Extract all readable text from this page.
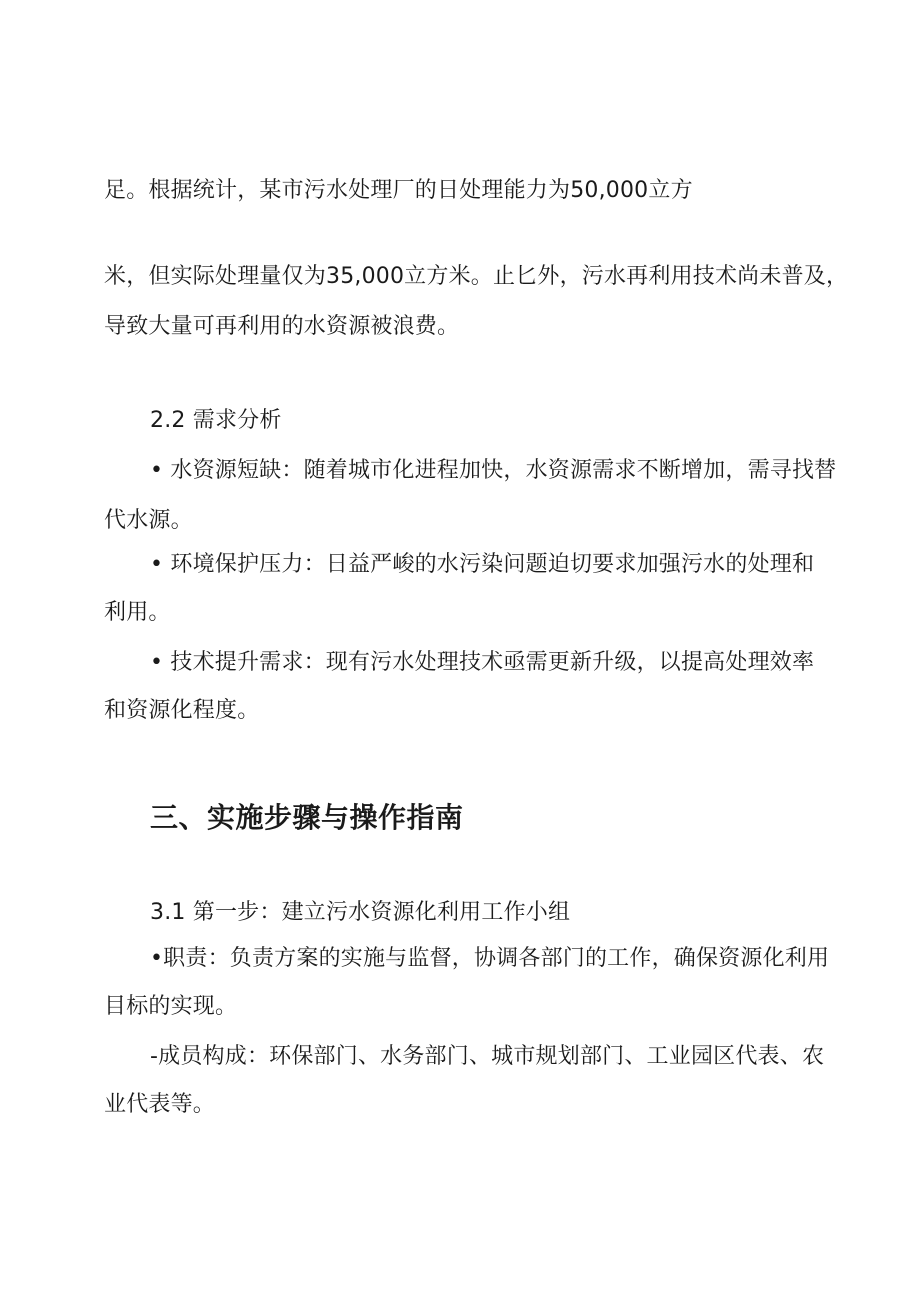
足。根据统计，某市污水处理厂的日处理能力为50,000立方
米，但实际处理量仅为35,000立方米。止匕外，污水再利用技术尚未普及，
导致大量可再利用的水资源被浪费。
2.2 需求分析
• 水资源短缺：随着城市化进程加快，水资源需求不断增加，需寻找替
代水源。
• 环境保护压力：日益严峻的水污染问题迫切要求加强污水的处理和
利用。
• 技术提升需求：现有污水处理技术亟需更新升级，以提高处理效率
和资源化程度。
三、实施步骤与操作指南
3.1 第一步：建立污水资源化利用工作小组
•职责：负责方案的实施与监督，协调各部门的工作，确保资源化利用
目标的实现。
-成员构成：环保部门、水务部门、城市规划部门、工业园区代表、农
业代表等。
